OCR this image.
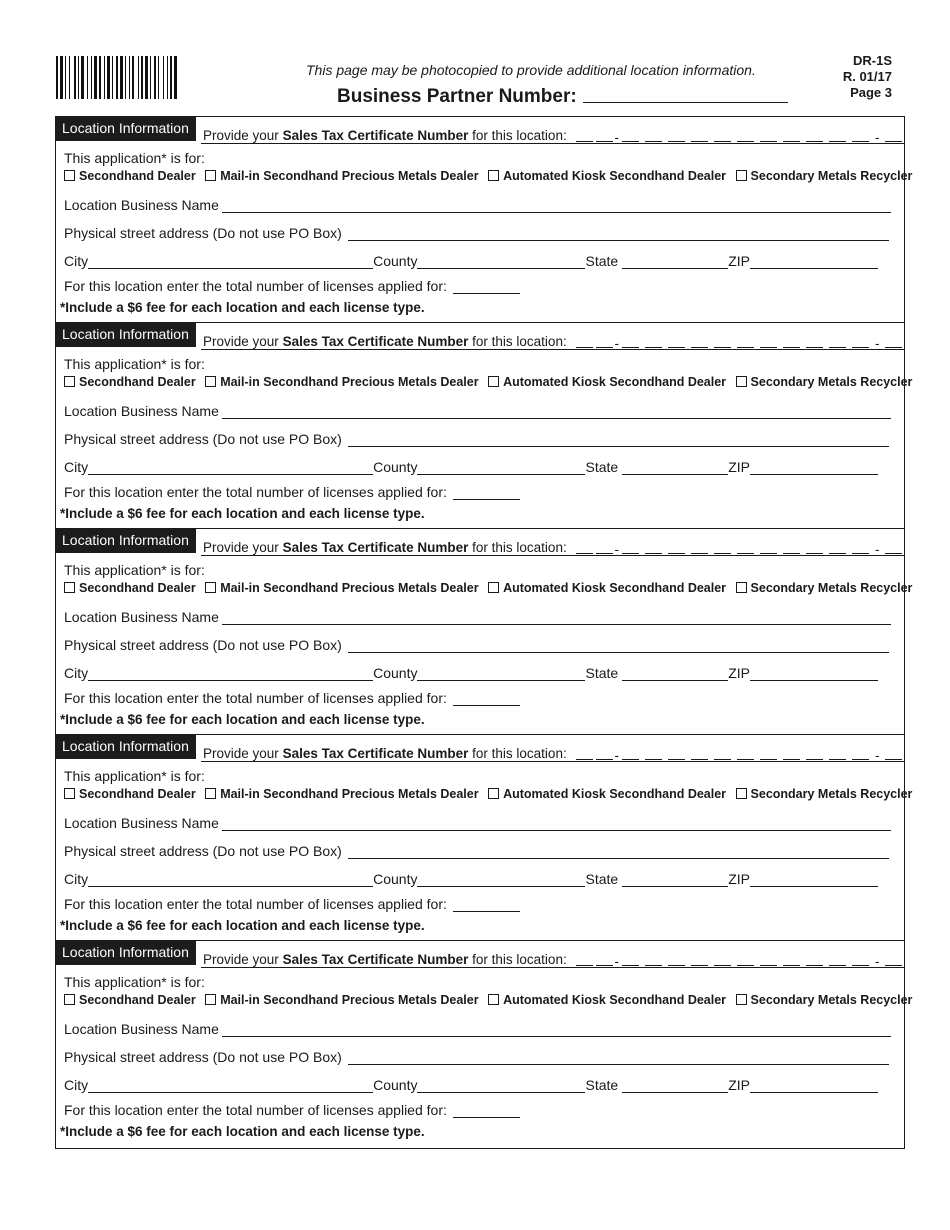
This page may be photocopied to provide additional location information.
Business Partner Number:
DR-1S
R. 01/17
Page 3
Location Information	Provide your Sales Tax Certificate Number for this location:	-	-
This application* is for:
Secondhand Dealer Mail-in Secondhand Precious Metals Dealer Automated Kiosk Secondhand Dealer Secondary Metals Recycler
Location Business Name
Physical street address (Do not use PO Box)
City	County	State	ZIP
For this location enter the total number of licenses applied for:
*Include a $6 fee for each location and each license type.
Location Information	Provide your Sales Tax Certificate Number for this location:	-	-
This application* is for:
Secondhand Dealer Mail-in Secondhand Precious Metals Dealer Automated Kiosk Secondhand Dealer Secondary Metals Recycler
Location Business Name
Physical street address (Do not use PO Box)
City	County	State	ZIP
For this location enter the total number of licenses applied for:
*Include a $6 fee for each location and each license type.
Location Information	Provide your Sales Tax Certificate Number for this location:	-	-
This application* is for:
Secondhand Dealer Mail-in Secondhand Precious Metals Dealer Automated Kiosk Secondhand Dealer Secondary Metals Recycler
Location Business Name
Physical street address (Do not use PO Box)
City	County	State	ZIP
For this location enter the total number of licenses applied for:
*Include a $6 fee for each location and each license type.
Location Information	Provide your Sales Tax Certificate Number for this location:	-	-
This application* is for:
Secondhand Dealer Mail-in Secondhand Precious Metals Dealer Automated Kiosk Secondhand Dealer Secondary Metals Recycler
Location Business Name
Physical street address (Do not use PO Box)
City	County	State	ZIP
For this location enter the total number of licenses applied for:
*Include a $6 fee for each location and each license type.
Location Information	Provide your Sales Tax Certificate Number for this location:	-	-
This application* is for:
Secondhand Dealer Mail-in Secondhand Precious Metals Dealer Automated Kiosk Secondhand Dealer Secondary Metals Recycler
Location Business Name
Physical street address (Do not use PO Box)
City	County	State	ZIP
For this location enter the total number of licenses applied for:
*Include a $6 fee for each location and each license type.
